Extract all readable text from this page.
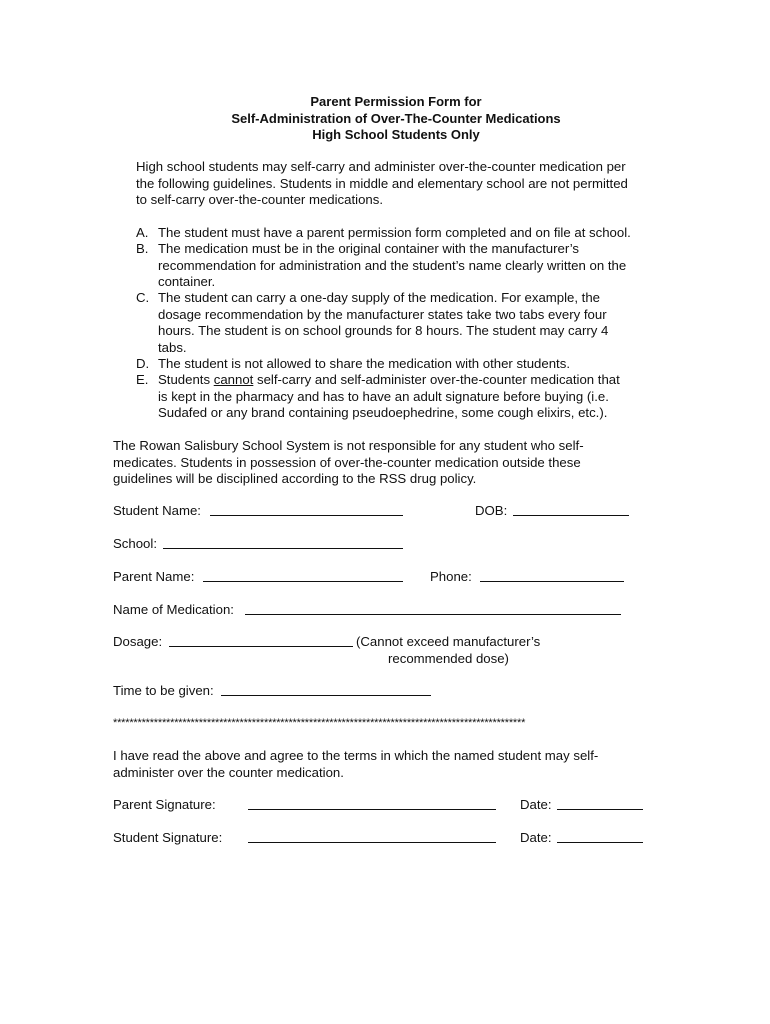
Parent Permission Form for
Self-Administration of Over-The-Counter Medications
High School Students Only
High school students may self-carry and administer over-the-counter medication per
the following guidelines. Students in middle and elementary school are not permitted
to self-carry over-the-counter medications.
A. The student must have a parent permission form completed and on file at school.
B. The medication must be in the original container with the manufacturer’s
recommendation for administration and the student’s name clearly written on the
container.
C. The student can carry a one-day supply of the medication. For example, the
dosage recommendation by the manufacturer states take two tabs every four
hours. The student is on school grounds for 8 hours. The student may carry 4
tabs.
D. The student is not allowed to share the medication with other students.
E. Students cannot self-carry and self-administer over-the-counter medication that
is kept in the pharmacy and has to have an adult signature before buying (i.e.
Sudafed or any brand containing pseudoephedrine, some cough elixirs, etc.).
The Rowan Salisbury School System is not responsible for any student who self-
medicates. Students in possession of over-the-counter medication outside these
guidelines will be disciplined according to the RSS drug policy.
Student Name:	DOB:
School:
Parent Name:	Phone:
Name of Medication:
Dosage:	(Cannot exceed manufacturer’s
recommended dose)
Time to be given:
*****************************************************************************************************
I have read the above and agree to the terms in which the named student may self-
administer over the counter medication.
Parent Signature:	Date:
Student Signature:	Date:
